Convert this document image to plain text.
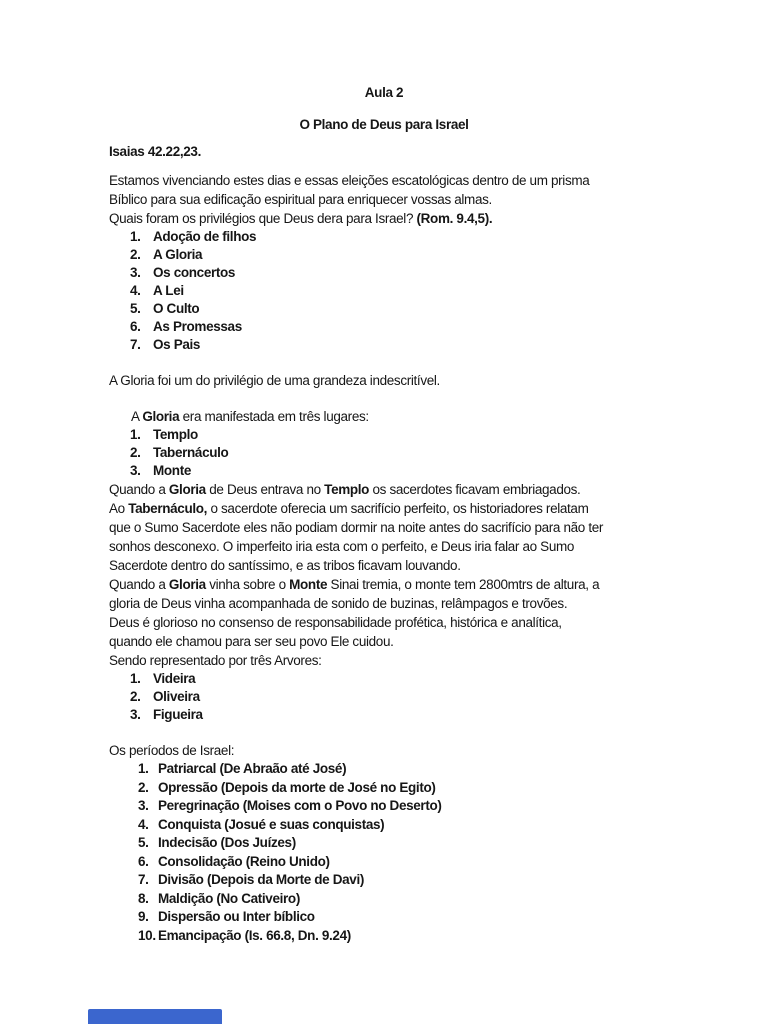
Aula 2

O Plano de Deus para Israel

Isaias 42.22,23.

Estamos vivenciando estes dias e essas eleições escatológicas dentro de um prisma
Bíblico para sua edificação espiritual para enriquecer vossas almas.

Quais foram os privilégios que Deus dera para Israel? (Rom. 9.4,5).

Adoção de filhos
A Gloria
Os concertos
A Lei
O Culto
As Promessas
Os Pais

A Gloria foi um do privilégio de uma grandeza indescritível.

A Gloria era manifestada em três lugares:

Templo
Tabernáculo
Monte

Quando a Gloria de Deus entrava no Templo os sacerdotes ficavam embriagados.

Ao Tabernáculo, o sacerdote oferecia um sacrifício perfeito, os historiadores relatam
que o Sumo Sacerdote eles não podiam dormir na noite antes do sacrifício para não ter
sonhos desconexo. O imperfeito iria esta com o perfeito, e Deus iria falar ao Sumo
Sacerdote dentro do santíssimo, e as tribos ficavam louvando.

Quando a Gloria vinha sobre o Monte Sinai tremia, o monte tem 2800mtrs de altura, a
gloria de Deus vinha acompanhada de sonido de buzinas, relâmpagos e trovões.

Deus é glorioso no consenso de responsabilidade profética, histórica e analítica,
quando ele chamou para ser seu povo Ele cuidou.

Sendo representado por três Arvores:

Videira
Oliveira
Figueira

Os períodos de Israel:

Patriarcal (De Abraão até José)
Opressão (Depois da morte de José no Egito)
Peregrinação (Moises com o Povo no Deserto)
Conquista (Josué e suas conquistas)
Indecisão (Dos Juízes)
Consolidação (Reino Unido)
Divisão (Depois da Morte de Davi)
Maldição (No Cativeiro)
Dispersão ou Inter bíblico
Emancipação (Is. 66.8, Dn. 9.24)
